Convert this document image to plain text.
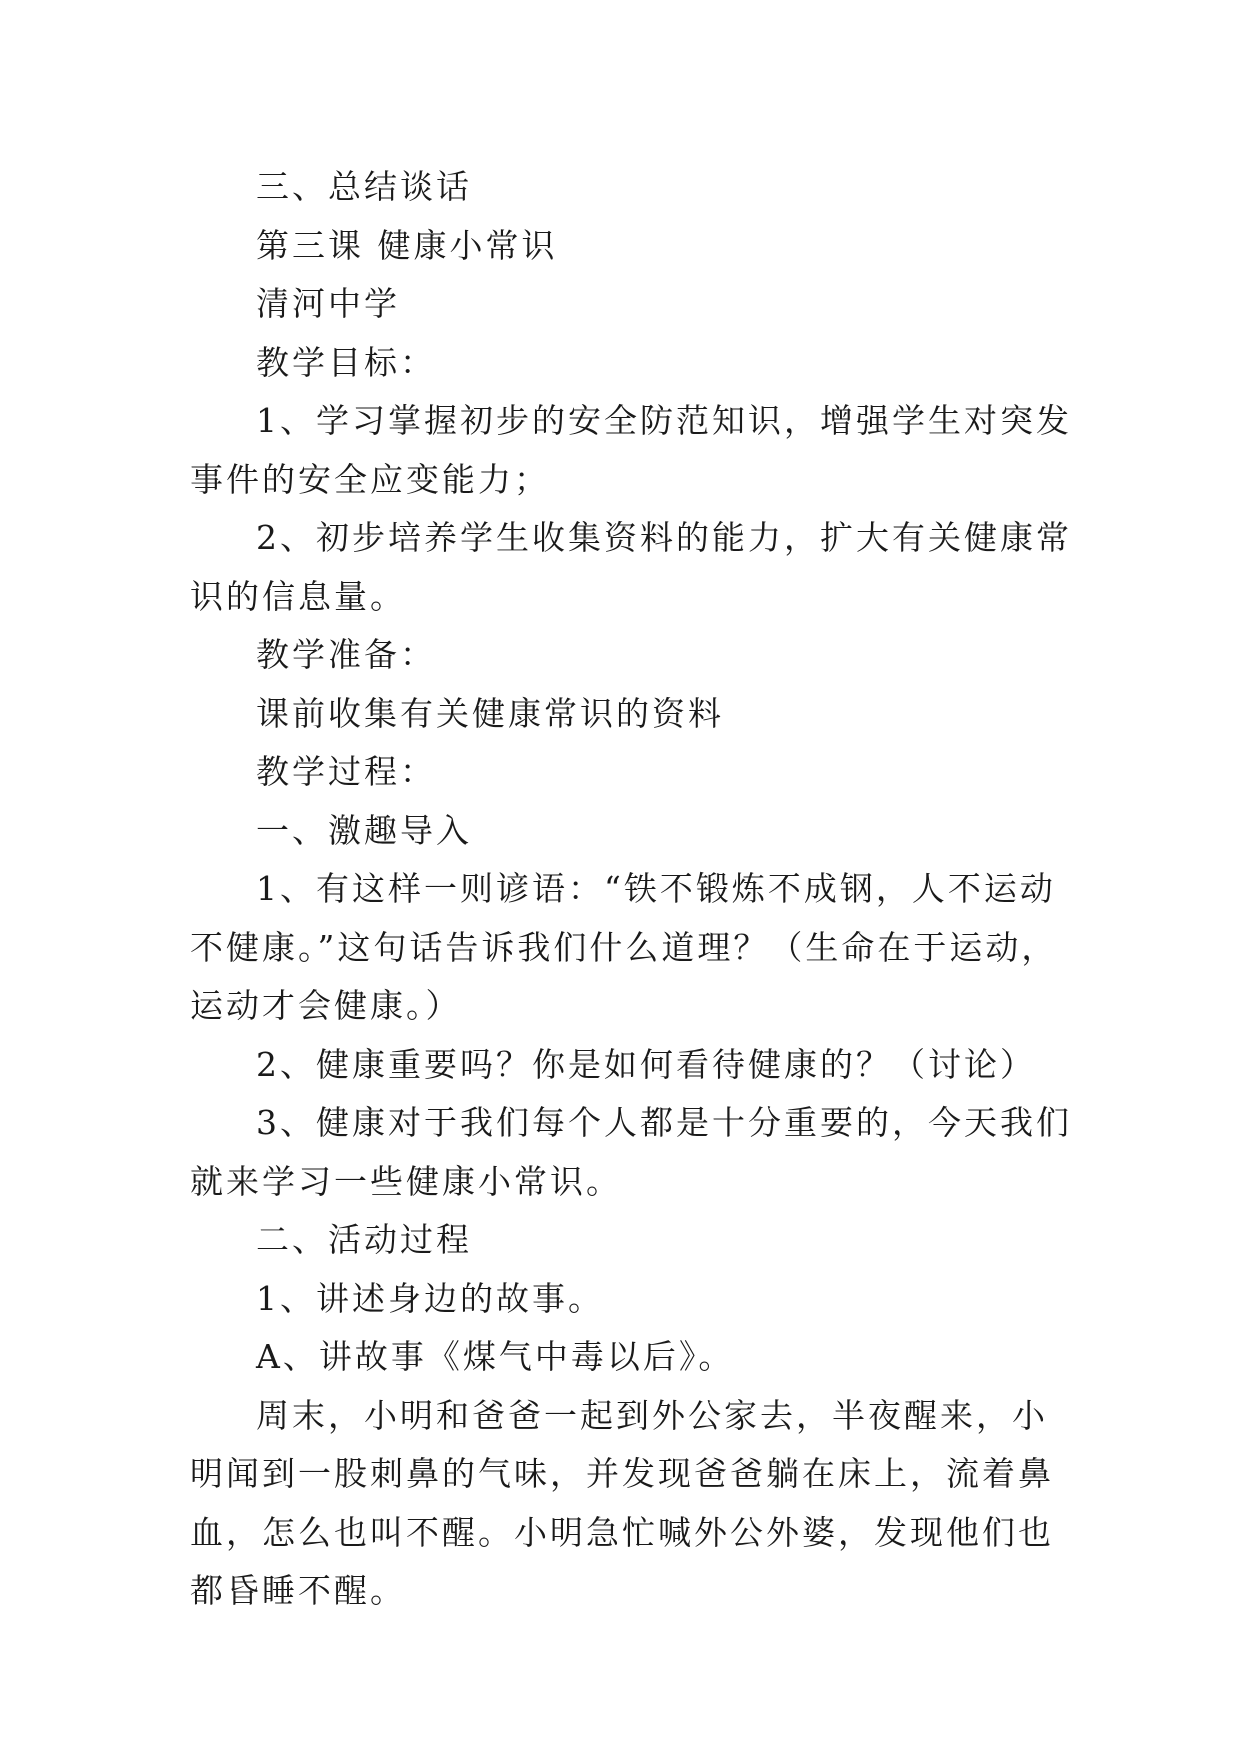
三、总结谈话

第三课 健康小常识

清河中学

教学目标：

1、学习掌握初步的安全防范知识，增强学生对突发事件的安全应变能力；

2、初步培养学生收集资料的能力，扩大有关健康常识的信息量。

教学准备：

课前收集有关健康常识的资料

教学过程：

一、激趣导入

1、有这样一则谚语：“铁不锻炼不成钢，人不运动不健康。”这句话告诉我们什么道理？（生命在于运动，运动才会健康。）

2、健康重要吗？你是如何看待健康的？（讨论）

3、健康对于我们每个人都是十分重要的，今天我们就来学习一些健康小常识。

二、活动过程

1、讲述身边的故事。

A、讲故事《煤气中毒以后》。

周末，小明和爸爸一起到外公家去，半夜醒来，小明闻到一股刺鼻的气味，并发现爸爸躺在床上，流着鼻血，怎么也叫不醒。小明急忙喊外公外婆，发现他们也都昏睡不醒。
